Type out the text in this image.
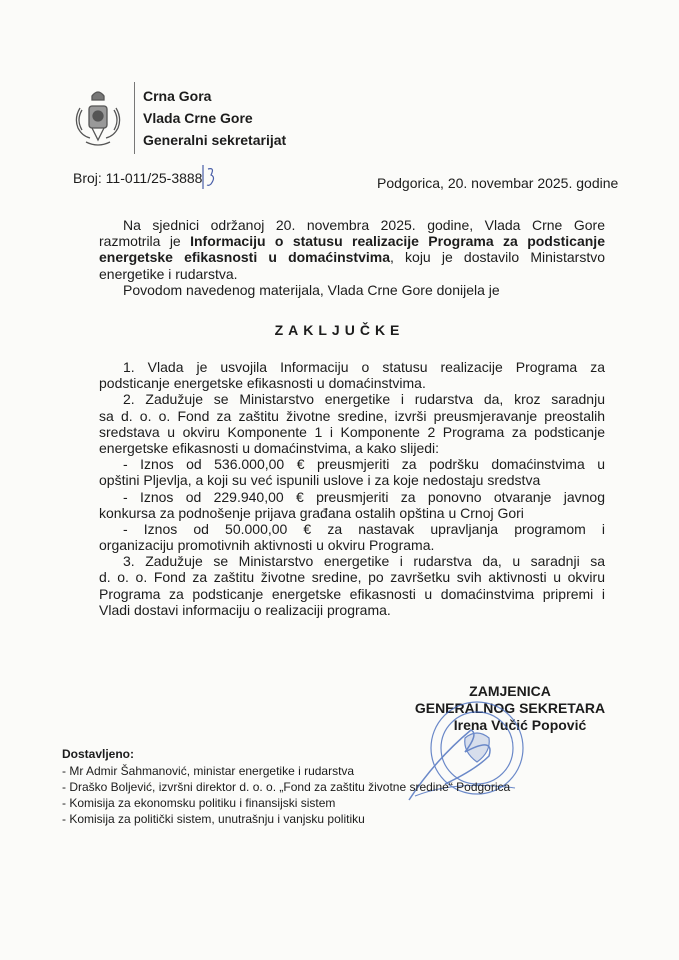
Crna Gora
Vlada Crne Gore
Generalni sekretarijat
Broj: 11-011/25-3888	Podgorica, 20. novembar 2025. godine
Na sjednici održanoj 20. novembra 2025. godine, Vlada Crne Gore
razmotrila je Informaciju o statusu realizacije Programa za podsticanje
energetske efikasnosti u domaćinstvima, koju je dostavilo Ministarstvo
energetike i rudarstva.
Povodom navedenog materijala, Vlada Crne Gore donijela je
ZAKLJUČKE
1. Vlada je usvojila Informaciju o statusu realizacije Programa za
podsticanje energetske efikasnosti u domaćinstvima.
2. Zadužuje se Ministarstvo energetike i rudarstva da, kroz saradnju
sa d. o. o. Fond za zaštitu životne sredine, izvrši preusmjeravanje preostalih
sredstava u okviru Komponente 1 i Komponente 2 Programa za podsticanje
energetske efikasnosti u domaćinstvima, a kako slijedi:
- Iznos od 536.000,00 € preusmjeriti za podršku domaćinstvima u
opštini Pljevlja, a koji su već ispunili uslove i za koje nedostaju sredstva
- Iznos od 229.940,00 € preusmjeriti za ponovno otvaranje javnog
konkursa za podnošenje prijava građana ostalih opština u Crnoj Gori
- Iznos od 50.000,00 € za nastavak upravljanja programom i
organizaciju promotivnih aktivnosti u okviru Programa.
3. Zadužuje se Ministarstvo energetike i rudarstva da, u saradnji sa
d. o. o. Fond za zaštitu životne sredine, po završetku svih aktivnosti u okviru
Programa za podsticanje energetske efikasnosti u domaćinstvima pripremi i
Vladi dostavi informaciju o realizaciji programa.
ZAMJENICA
GENERALNOG SEKRETARA
Irena Vučić Popović
Dostavljeno:
- Mr Admir Šahmanović, ministar energetike i rudarstva
- Draško Boljević, izvršni direktor d. o. o. „Fond za zaštitu životne sredine“ Podgorica
- Komisija za ekonomsku politiku i finansijski sistem
- Komisija za politički sistem, unutrašnju i vanjsku politiku
